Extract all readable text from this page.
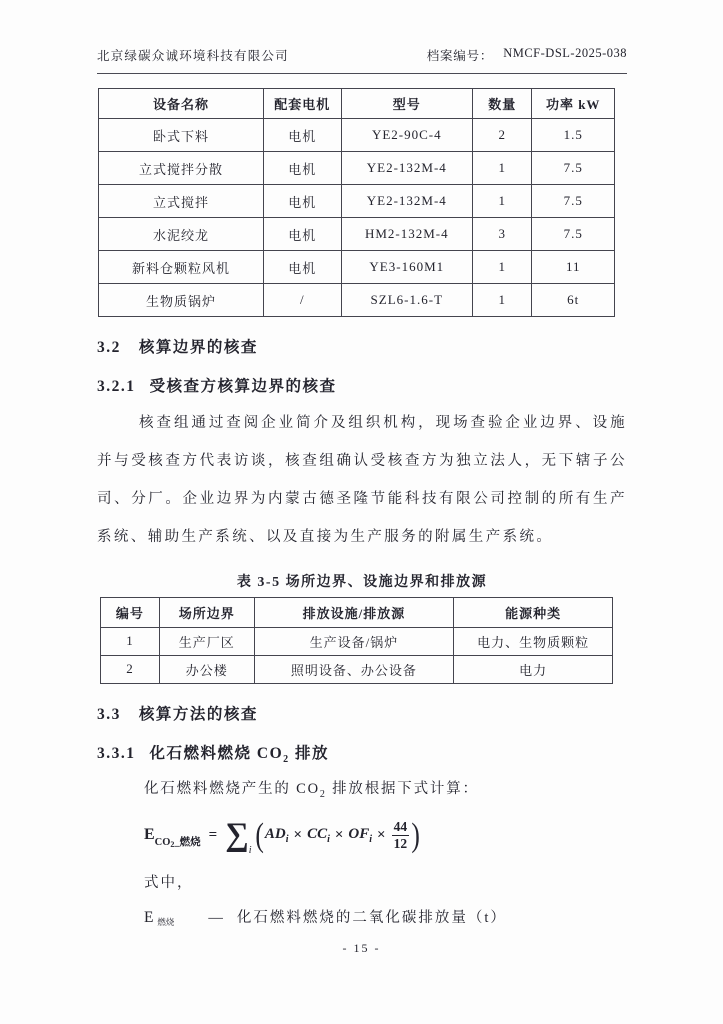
北京绿碳众诚环境科技有限公司	档案编号： NMCF-DSL-2025-038
设备名称	配套电机	型号	数量	功率 kW
卧式下料	电机	YE2-90C-4	2	1.5
立式搅拌分散	电机	YE2-132M-4	1	7.5
立式搅拌	电机	YE2-132M-4	1	7.5
水泥绞龙	电机	HM2-132M-4	3	7.5
新料仓颗粒风机	电机	YE3-160M1	1	11
生物质锅炉	/	SZL6-1.6-T	1	6t
3.2 核算边界的核查
3.2.1 受核查方核算边界的核查

核查组通过查阅企业简介及组织机构，现场查验企业边界、设施并与受核查方代表访谈，核查组确认受核查方为独立法人，无下辖子公司、分厂。企业边界为内蒙古德圣隆节能科技有限公司控制的所有生产系统、辅助生产系统、以及直接为生产服务的附属生产系统。

表 3-5 场所边界、设施边界和排放源
编号	场所边界	排放设施/排放源	能源种类
1	生产厂区	生产设备/锅炉	电力、生物质颗粒
2	办公楼	照明设备、办公设备	电力
3.3 核算方法的核查
3.3.1 化石燃料燃烧 $CO_2$ 排放
化石燃料燃烧产生的 $CO_2$ 排放根据下式计算：
E CO2_燃烧 = ∑ i ( $AD_i \times CC_i \times OF_i \times \frac{44}{12}$ )
式中，
E 燃烧 — 化石燃料燃烧的二氧化碳排放量（t）
- 15 -
